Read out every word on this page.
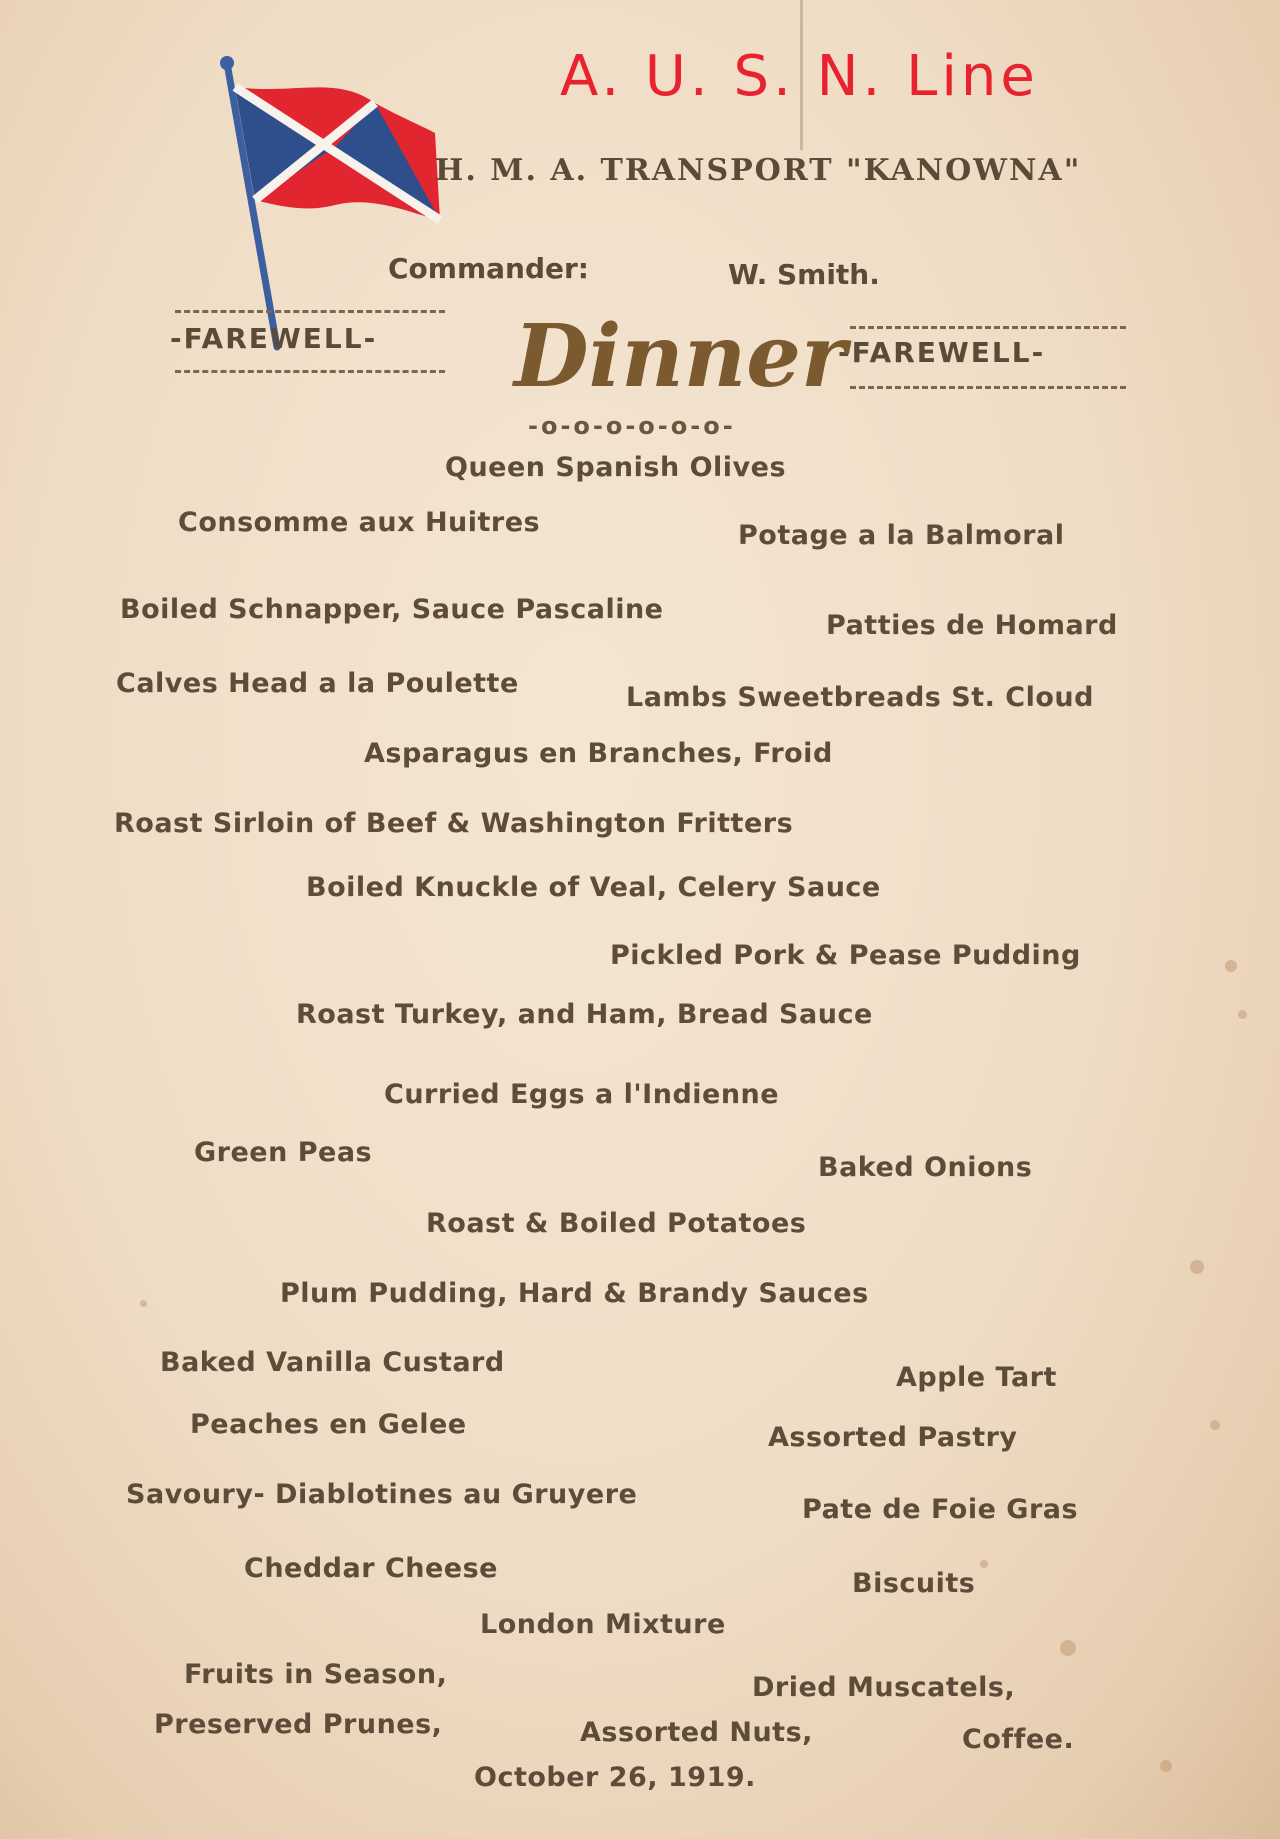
A. U. S. N. Line
H. M. A. TRANSPORT "KANOWNA"
Commander:	W. Smith.
-FAREWELL-	-FAREWELL-
Dinner
-o-o-o-o-o-o-
Queen Spanish Olives
Consomme aux Huitres	Potage a la Balmoral
Boiled Schnapper, Sauce Pascaline
Patties de Homard
Calves Head a la Poulette	Lambs Sweetbreads St. Cloud
Asparagus en Branches, Froid
Roast Sirloin of Beef & Washington Fritters
Boiled Knuckle of Veal, Celery Sauce
Pickled Pork & Pease Pudding
Roast Turkey, and Ham, Bread Sauce
Curried Eggs a l'Indienne
Green Peas	Baked Onions
Roast & Boiled Potatoes
Plum Pudding, Hard & Brandy Sauces
Baked Vanilla Custard	Apple Tart
Peaches en Gelee	Assorted Pastry
Savoury- Diablotines au Gruyere	Pate de Foie Gras
Cheddar Cheese	Biscuits
London Mixture
Fruits in Season,	Dried Muscatels,
Preserved Prunes,	Assorted Nuts,	Coffee.
October 26, 1919.
